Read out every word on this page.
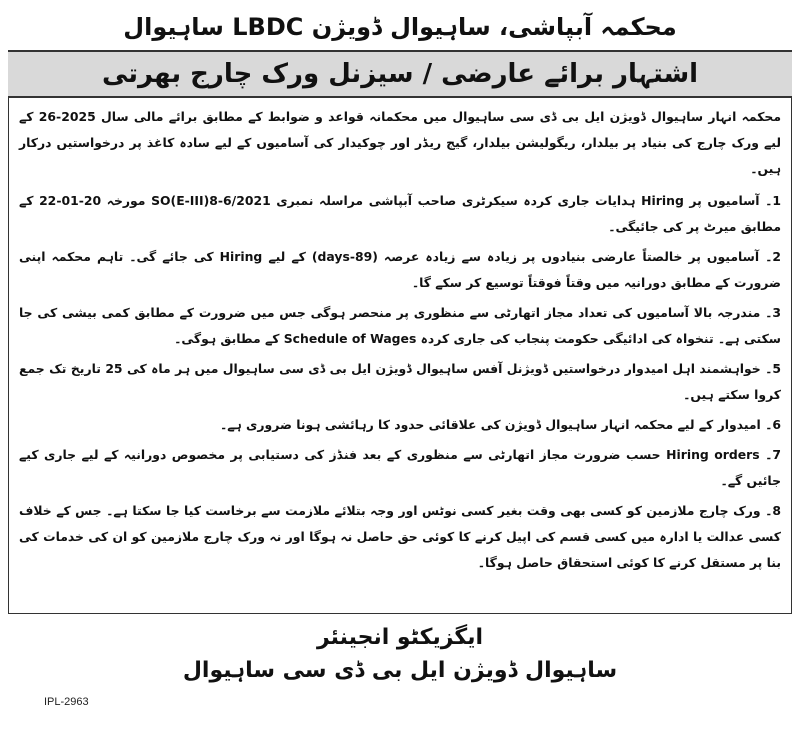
محکمہ آبپاشی، ساہیوال ڈویژن LBDC ساہیوال
اشتہار برائے عارضی / سیزنل ورک چارج بھرتی

محکمہ انہار ساہیوال ڈویژن ایل بی ڈی سی ساہیوال میں محکمانہ قواعد و ضوابط کے مطابق برائے مالی سال 2025-26 کے لیے ورک چارج کی بنیاد پر بیلدار، ریگولیشن بیلدار، گیج ریڈر اور چوکیدار کی آسامیوں کے لیے سادہ کاغذ پر درخواستیں درکار ہیں۔

1۔ آسامیوں پر Hiring ہدایات جاری کردہ سیکرٹری صاحب آبپاشی مراسلہ نمبری SO(E-III)8-6/2021 مورخہ 20-01-22 کے مطابق میرٹ پر کی جائیگی۔

2۔ آسامیوں پر خالصتاً عارضی بنیادوں پر زیادہ سے زیادہ عرصہ (89-days) کے لیے Hiring کی جائے گی۔ تاہم محکمہ اپنی ضرورت کے مطابق دورانیہ میں وقتاً فوقتاً توسیع کر سکے گا۔

3۔ مندرجہ بالا آسامیوں کی تعداد مجاز اتھارٹی سے منظوری پر منحصر ہوگی جس میں ضرورت کے مطابق کمی بیشی کی جا سکتی ہے۔ تنخواہ کی ادائیگی حکومت پنجاب کی جاری کردہ Schedule of Wages کے مطابق ہوگی۔

5۔ خواہشمند اہل امیدوار درخواستیں ڈویژنل آفس ساہیوال ڈویژن ایل بی ڈی سی ساہیوال میں ہر ماہ کی 25 تاریخ تک جمع کروا سکتے ہیں۔

6۔ امیدوار کے لیے محکمہ انہار ساہیوال ڈویژن کی علاقائی حدود کا رہائشی ہونا ضروری ہے۔

7۔ Hiring orders حسب ضرورت مجاز اتھارٹی سے منظوری کے بعد فنڈز کی دستیابی پر مخصوص دورانیہ کے لیے جاری کیے جائیں گے۔

8۔ ورک چارج ملازمین کو کسی بھی وقت بغیر کسی نوٹس اور وجہ بتلائے ملازمت سے برخاست کیا جا سکتا ہے۔ جس کے خلاف کسی عدالت یا ادارہ میں کسی قسم کی اپیل کرنے کا کوئی حق حاصل نہ ہوگا اور نہ ورک چارج ملازمین کو ان کی خدمات کی بنا پر مستقل کرنے کا کوئی استحقاق حاصل ہوگا۔

ایگزیکٹو انجینئر
ساہیوال ڈویژن ایل بی ڈی سی ساہیوال
IPL-2963
